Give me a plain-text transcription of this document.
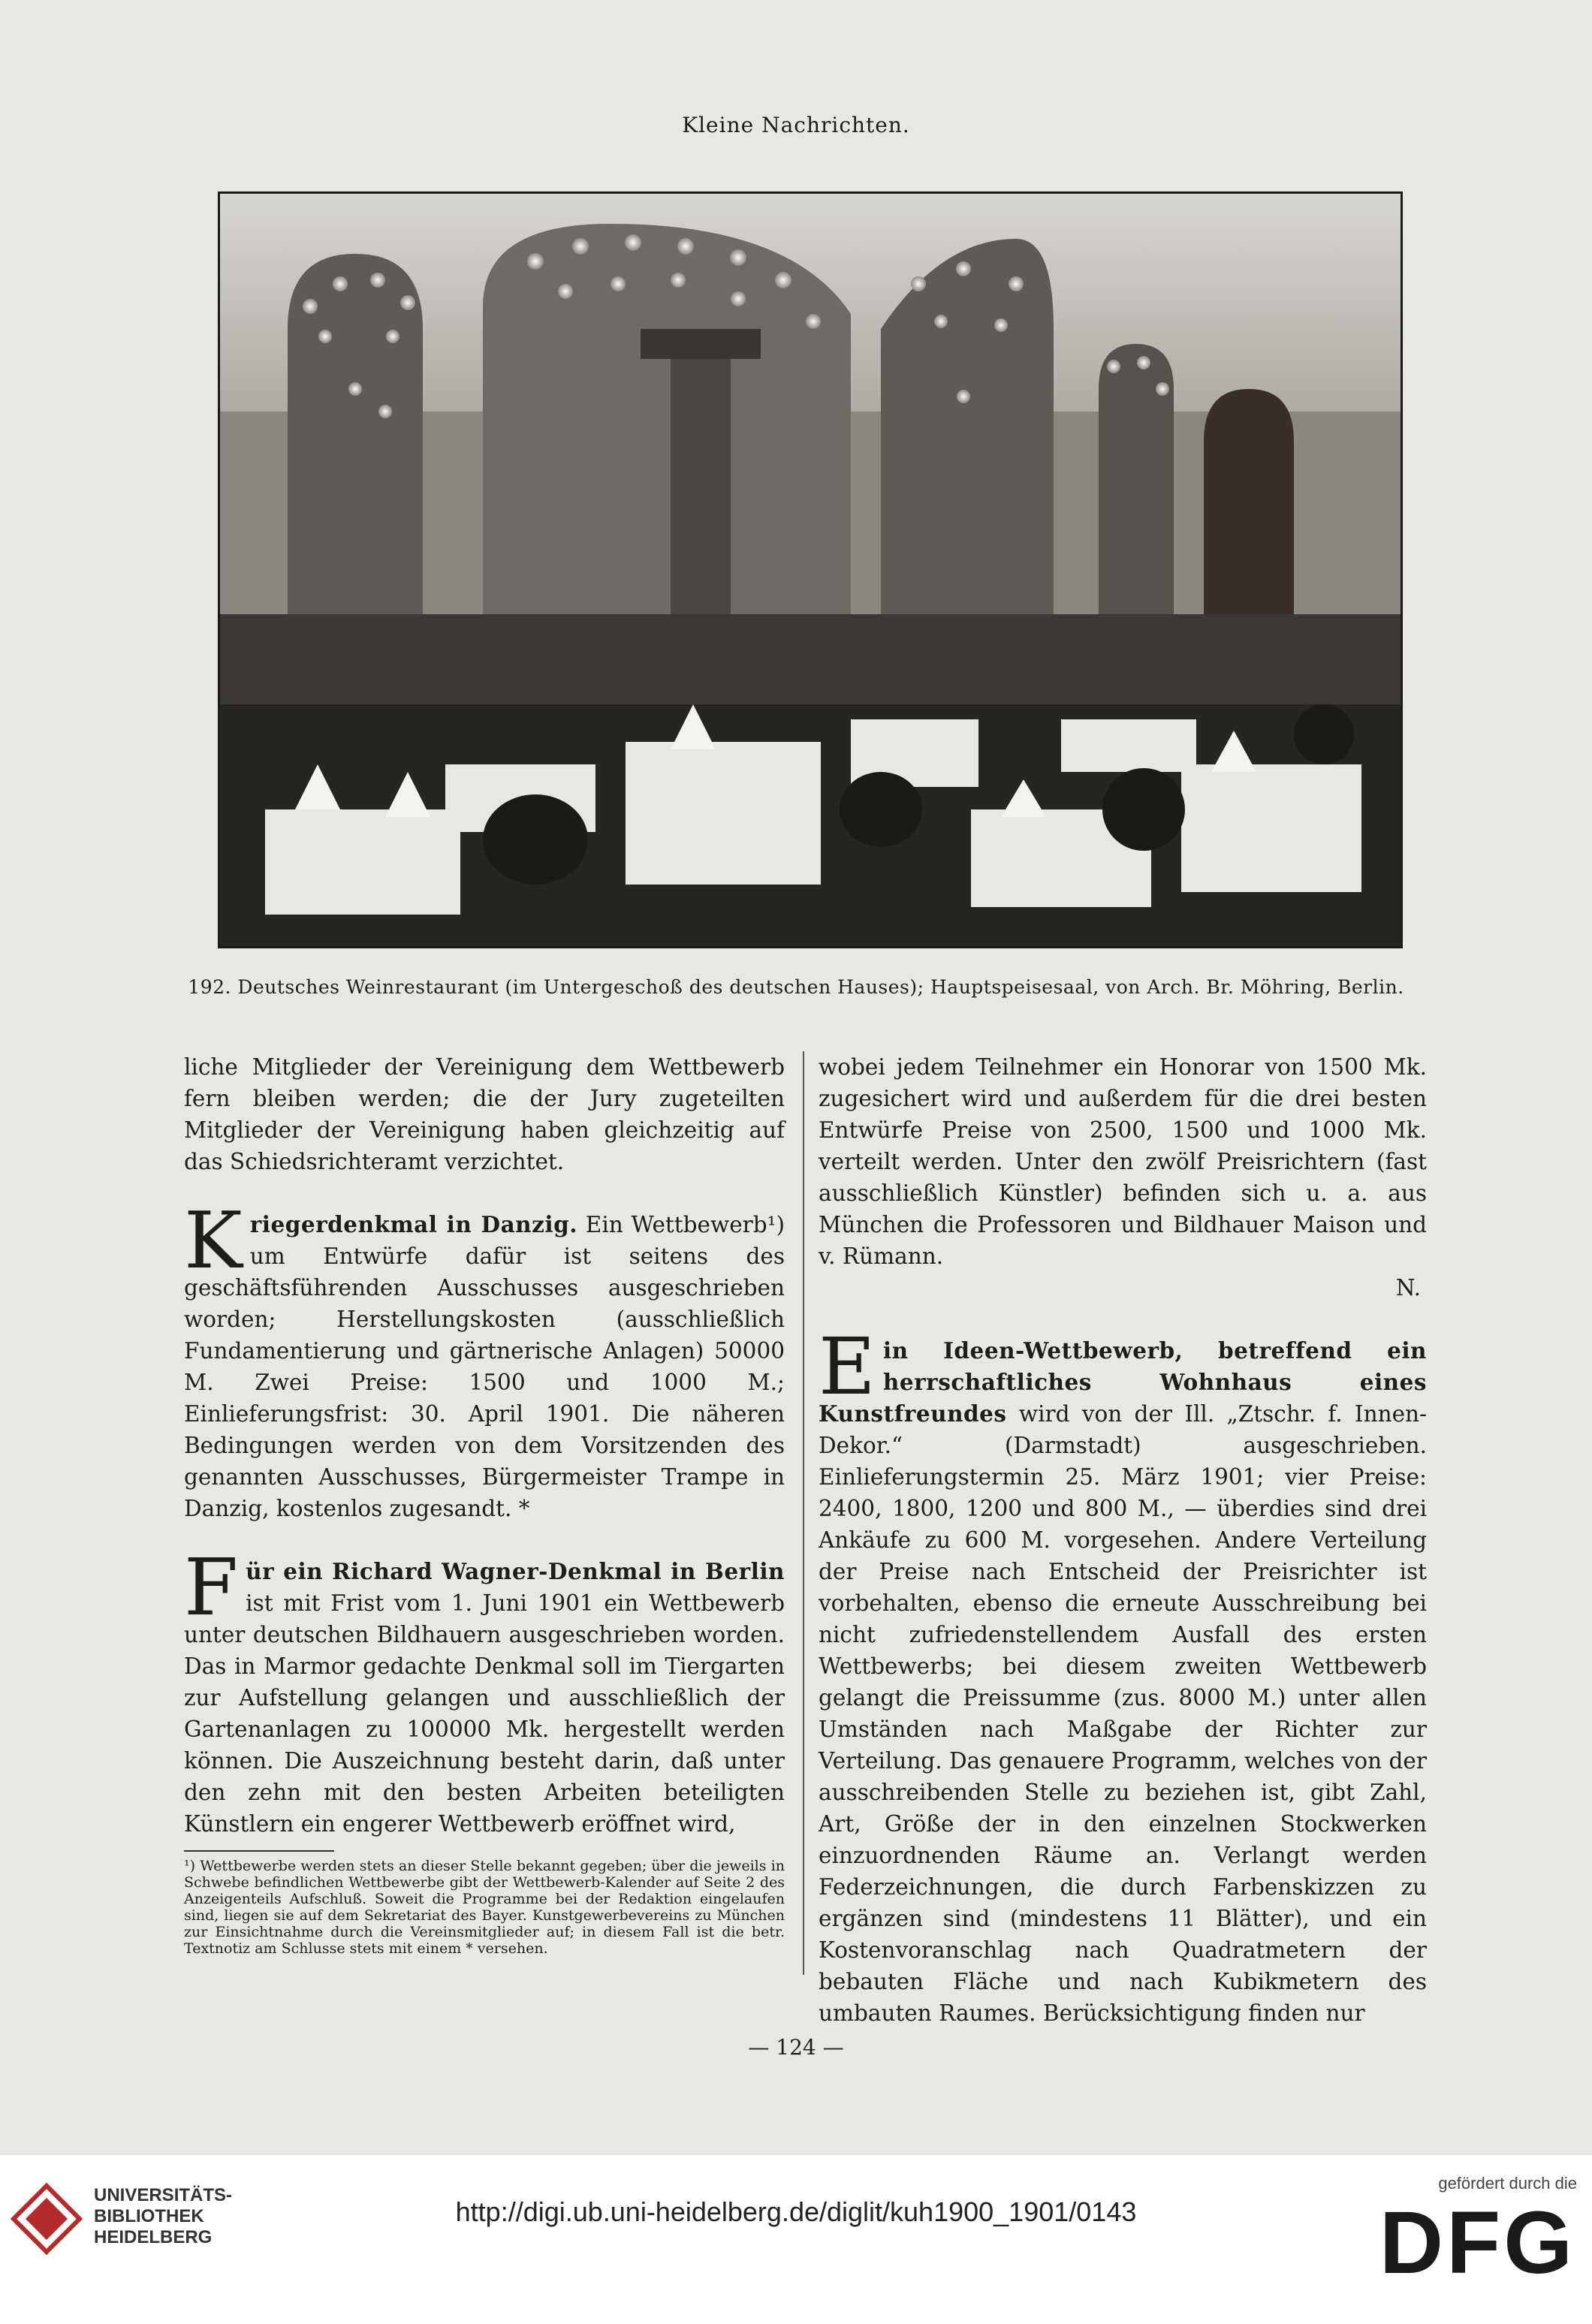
Kleine Nachrichten.
192. Deutsches Weinrestaurant (im Untergeschoß des deutschen Hauses); Hauptspeisesaal, von Arch. Br. Möhring, Berlin.

liche Mitglieder der Vereinigung dem Wettbewerb fern bleiben werden; die der Jury zugeteilten Mitglieder der Vereinigung haben gleichzeitig auf das Schiedsrichteramt verzichtet.

Kriegerdenkmal in Danzig. Ein Wettbewerb¹) um Entwürfe dafür ist seitens des geschäftsführenden Ausschusses ausgeschrieben worden; Herstellungskosten (ausschließlich Fundamentierung und gärtnerische Anlagen) 50000 M. Zwei Preise: 1500 und 1000 M.; Einlieferungsfrist: 30. April 1901. Die näheren Bedingungen werden von dem Vorsitzenden des genannten Ausschusses, Bürgermeister Trampe in Danzig, kostenlos zugesandt. *

Für ein Richard Wagner-Denkmal in Berlin ist mit Frist vom 1. Juni 1901 ein Wettbewerb unter deutschen Bildhauern ausgeschrieben worden. Das in Marmor gedachte Denkmal soll im Tiergarten zur Aufstellung gelangen und ausschließlich der Gartenanlagen zu 100000 Mk. hergestellt werden können. Die Auszeichnung besteht darin, daß unter den zehn mit den besten Arbeiten beteiligten Künstlern ein engerer Wettbewerb eröffnet wird,

¹) Wettbewerbe werden stets an dieser Stelle bekannt gegeben; über die jeweils in Schwebe befindlichen Wettbewerbe gibt der Wettbewerb-Kalender auf Seite 2 des Anzeigenteils Aufschluß. Soweit die Programme bei der Redaktion eingelaufen sind, liegen sie auf dem Sekretariat des Bayer. Kunstgewerbevereins zu München zur Einsichtnahme durch die Vereinsmitglieder auf; in diesem Fall ist die betr. Textnotiz am Schlusse stets mit einem * versehen.

wobei jedem Teilnehmer ein Honorar von 1500 Mk. zugesichert wird und außerdem für die drei besten Entwürfe Preise von 2500, 1500 und 1000 Mk. verteilt werden. Unter den zwölf Preisrichtern (fast ausschließlich Künstler) befinden sich u. a. aus München die Professoren und Bildhauer Maison und v. Rümann.

N.

Ein Ideen-Wettbewerb, betreffend ein herrschaftliches Wohnhaus eines Kunstfreundes wird von der Ill. „Ztschr. f. Innen-Dekor.“ (Darmstadt) ausgeschrieben. Einlieferungstermin 25. März 1901; vier Preise: 2400, 1800, 1200 und 800 M., — überdies sind drei Ankäufe zu 600 M. vorgesehen. Andere Verteilung der Preise nach Entscheid der Preisrichter ist vorbehalten, ebenso die erneute Ausschreibung bei nicht zufriedenstellendem Ausfall des ersten Wettbewerbs; bei diesem zweiten Wettbewerb gelangt die Preissumme (zus. 8000 M.) unter allen Umständen nach Maßgabe der Richter zur Verteilung. Das genauere Programm, welches von der ausschreibenden Stelle zu beziehen ist, gibt Zahl, Art, Größe der in den einzelnen Stockwerken einzuordnenden Räume an. Verlangt werden Federzeichnungen, die durch Farbenskizzen zu ergänzen sind (mindestens 11 Blätter), und ein Kostenvoranschlag nach Quadratmetern der bebauten Fläche und nach Kubikmetern des umbauten Raumes. Berücksichtigung finden nur

— 124 —
UNIVERSITÄTS-
BIBLIOTHEK
HEIDELBERG
http://digi.ub.uni-heidelberg.de/diglit/kuh1900_1901/0143
gefördert durch die
DFG
